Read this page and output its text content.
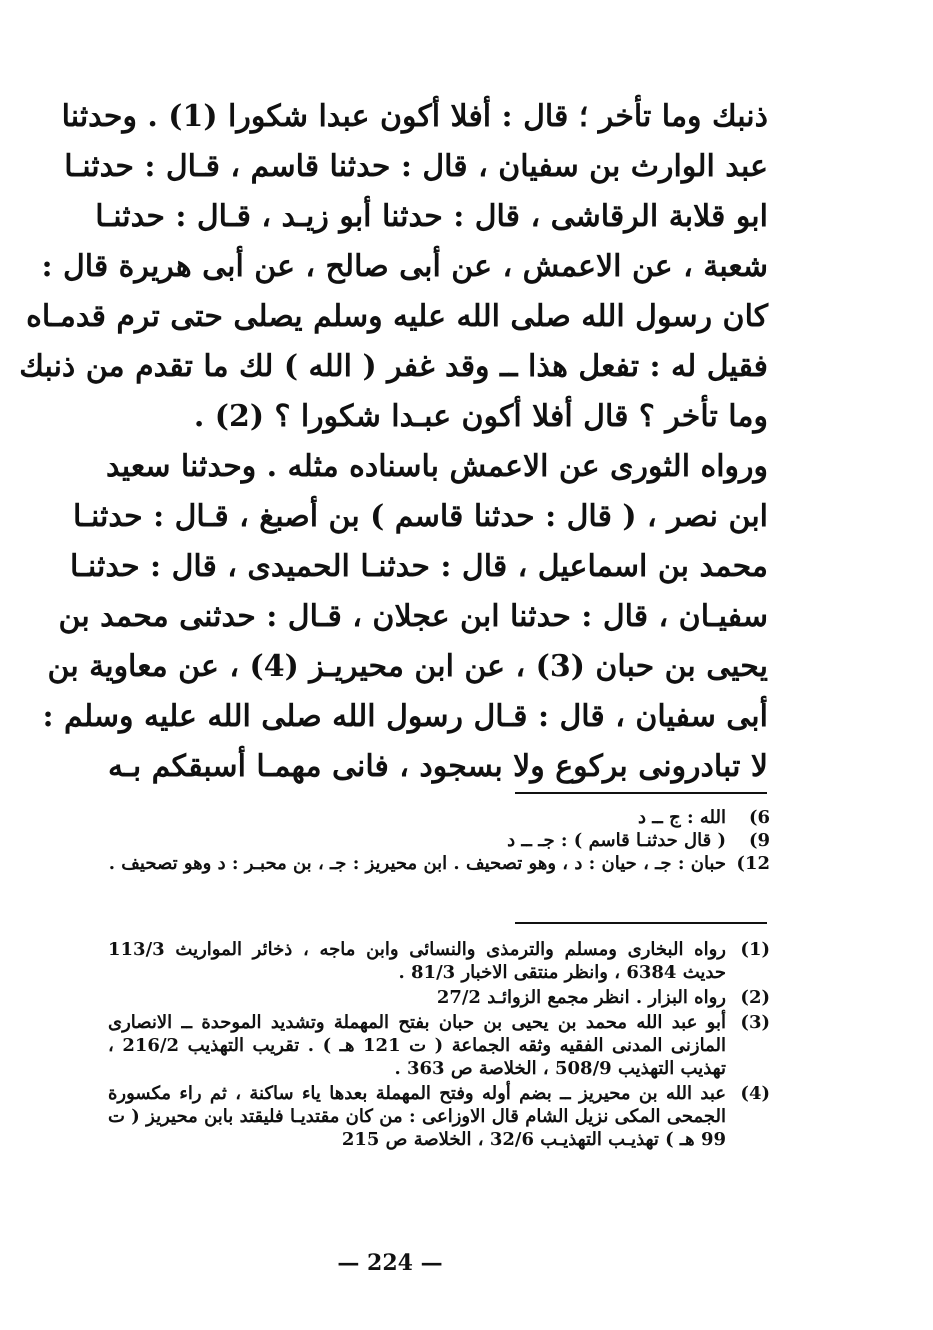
ذنبك وما تأخر ؛ قال : أفلا أكون عبدا شكورا (1) . وحدثنا
عبد الوارث بن سفيان ، قال : حدثنا قاسم ، قـال : حدثنـا
ابو قلابة الرقاشى ، قال : حدثنا أبو زيـد ، قـال : حدثنـا
شعبة ، عن الاعمش ، عن أبى صالح ، عن أبى هريرة قال :
كان رسول الله صلى الله عليه وسلم يصلى حتى ترم قدمـاه
فقيل له : تفعل هذا ــ وقد غفر ( الله ) لك ما تقدم من ذنبك
وما تأخر ؟ قال أفلا أكون عبـدا شكورا ؟ (2) .
ورواه الثورى عن الاعمش باسناده مثله . وحدثنا سعيد
ابن نصر ، ( قال : حدثنا قاسم ) بن أصبغ ، قـال : حدثنـا
محمد بن اسماعيل ، قال : حدثنـا الحميدى ، قال : حدثنـا
سفيـان ، قال : حدثنا ابن عجلان ، قـال : حدثنى محمد بن
يحيى بن حبان (3) ، عن ابن محيريـز (4) ، عن معاوية بن
أبى سفيان ، قال : قـال رسول الله صلى الله عليه وسلم :
لا تبادرونى بركوع ولا بسجود ، فانى مهمـا أسبقكم بـه
6)
الله : ج ــ د
9)
( قال حدثنـا قاسم ) : جـ ــ د
12)
حبان : جـ ، حيان : د ، وهو تصحيف . ابن محيريز : جـ ، بن محبـر : د وهو تصحيف .
(1)
رواه البخارى ومسلم والترمذى والنسائى وابن ماجه ، ذخائر المواريث 113/3 حديث 6384 ، وانظر منتقى الاخبار 81/3 .
(2)
رواه البزار . انظر مجمع الزوائـد 27/2
(3)
أبو عبد الله محمد بن يحيى بن حبان بفتح المهملة وتشديد الموحدة ــ الانصارى المازنى المدنى الفقيه وثقه الجماعة ( ت 121 هـ ) . تقريب التهذيب 216/2 ، تهذيب التهذيب 508/9 ، الخلاصة ص 363 .
(4)
عبد الله بن محيريز ــ بضم أوله وفتح المهملة بعدها ياء ساكنة ، ثم راء مكسورة الجمحى المكى نزيل الشام قال الاوزاعى : من كان مقتديـا فليقتد بابن محيريز ( ت 99 هـ ) تهذيـب التهذيـب 32/6 ، الخلاصة ص 215
— 224 —
